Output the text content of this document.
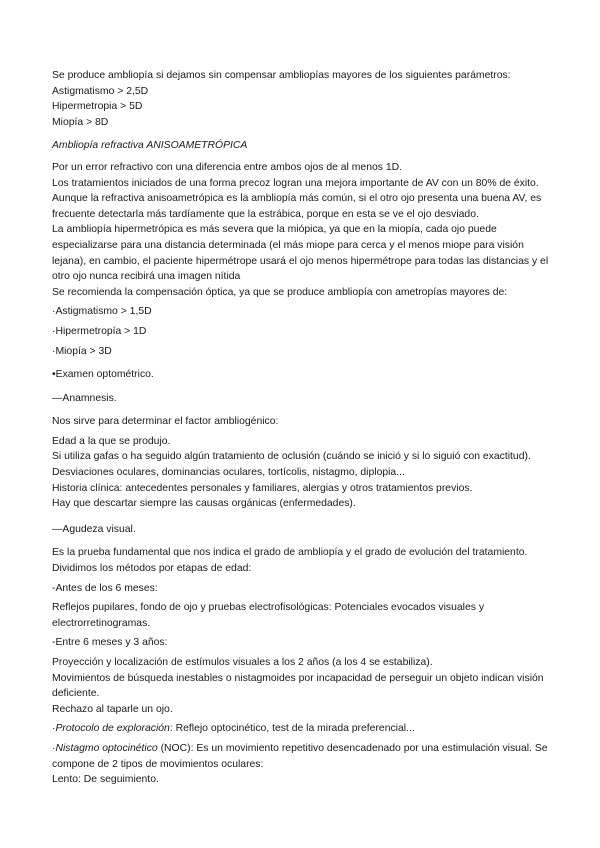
Se produce ambliopía si dejamos sin compensar ambliopías mayores de los siguientes parámetros:

Astigmatismo > 2,5D

Hipermetropia > 5D

Miopía > 8D

Ambliopía refractiva ANISOAMETRÓPICA

Por un error refractivo con una diferencia entre ambos ojos de al menos 1D.

Los tratamientos iniciados de una forma precoz logran una mejora importante de AV con un 80% de éxito.

Aunque la refractiva anisoametrópica es la ambliopía más común, si el otro ojo presenta una buena AV, es frecuente detectarla más tardíamente que la estrábica, porque en esta se ve el ojo desviado.

La ambliopía hipermetrópica es más severa que la miópica, ya que en la miopía, cada ojo puede especializarse para una distancia determinada (el más miope para cerca y el menos miope para visión lejana), en cambio, el paciente hipermétrope usará el ojo menos hipermétrope para todas las distancias y el otro ojo nunca recibirá una imagen nítida

Se recomienda la compensación óptica, ya que se produce ambliopía con ametropías mayores de:

·Astigmatismo > 1,5D

·Hipermetropía > 1D

·Miopía > 3D

•Examen optométrico.

—Anamnesis.

Nos sirve para determinar el factor ambliogénico:

Edad a la que se produjo.

Si utiliza gafas o ha seguido algún tratamiento de oclusión (cuándo se inició y si lo siguió con exactitud).

Desviaciones oculares, dominancias oculares, tortícolis, nistagmo, diplopia...

Historia clínica: antecedentes personales y familiares, alergias y otros tratamientos previos.

Hay que descartar siempre las causas orgánicas (enfermedades).

—Agudeza visual.

Es la prueba fundamental que nos indica el grado de ambliopía y el grado de evolución del tratamiento.

Dividimos los métodos por etapas de edad:

-Antes de los 6 meses:

Reflejos pupilares, fondo de ojo y pruebas electrofisológicas: Potenciales evocados visuales y electrorretinogramas.

-Entre 6 meses y 3 años:

Proyección y localización de estímulos visuales a los 2 años (a los 4 se estabiliza).

Movimientos de búsqueda inestables o nistagmoides por incapacidad de perseguir un objeto indican visión deficiente.

Rechazo al taparle un ojo.

·Protocolo de exploración: Reflejo optocinético, test de la mirada preferencial...

·Nistagmo optocinético (NOC): Es un movimiento repetitivo desencadenado por una estimulación visual. Se compone de 2 tipos de movimientos oculares:

Lento: De seguimiento.
